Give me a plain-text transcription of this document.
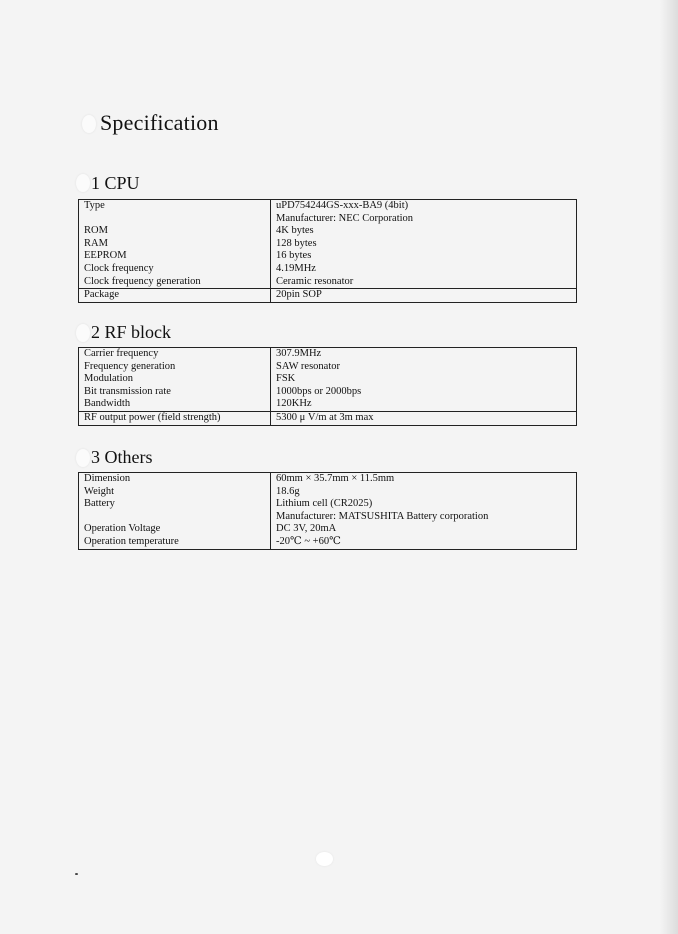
Specification
1 CPU
Type	uPD754244GS-xxx-BA9 (4bit)
	Manufacturer: NEC Corporation
ROM	4K bytes
RAM	128 bytes
EEPROM	16 bytes
Clock frequency	4.19MHz
Clock frequency generation	Ceramic resonator
Package	20pin SOP
2 RF block
Carrier frequency	307.9MHz
Frequency generation	SAW resonator
Modulation	FSK
Bit transmission rate	1000bps or 2000bps
Bandwidth	120KHz
RF output power (field strength)	5300 μ V/m at 3m max
3 Others
Dimension	60mm × 35.7mm × 11.5mm
Weight	18.6g
Battery	Lithium cell (CR2025)
	Manufacturer: MATSUSHITA Battery corporation
Operation Voltage	DC 3V, 20mA
Operation temperature	-20℃ ~ +60℃
